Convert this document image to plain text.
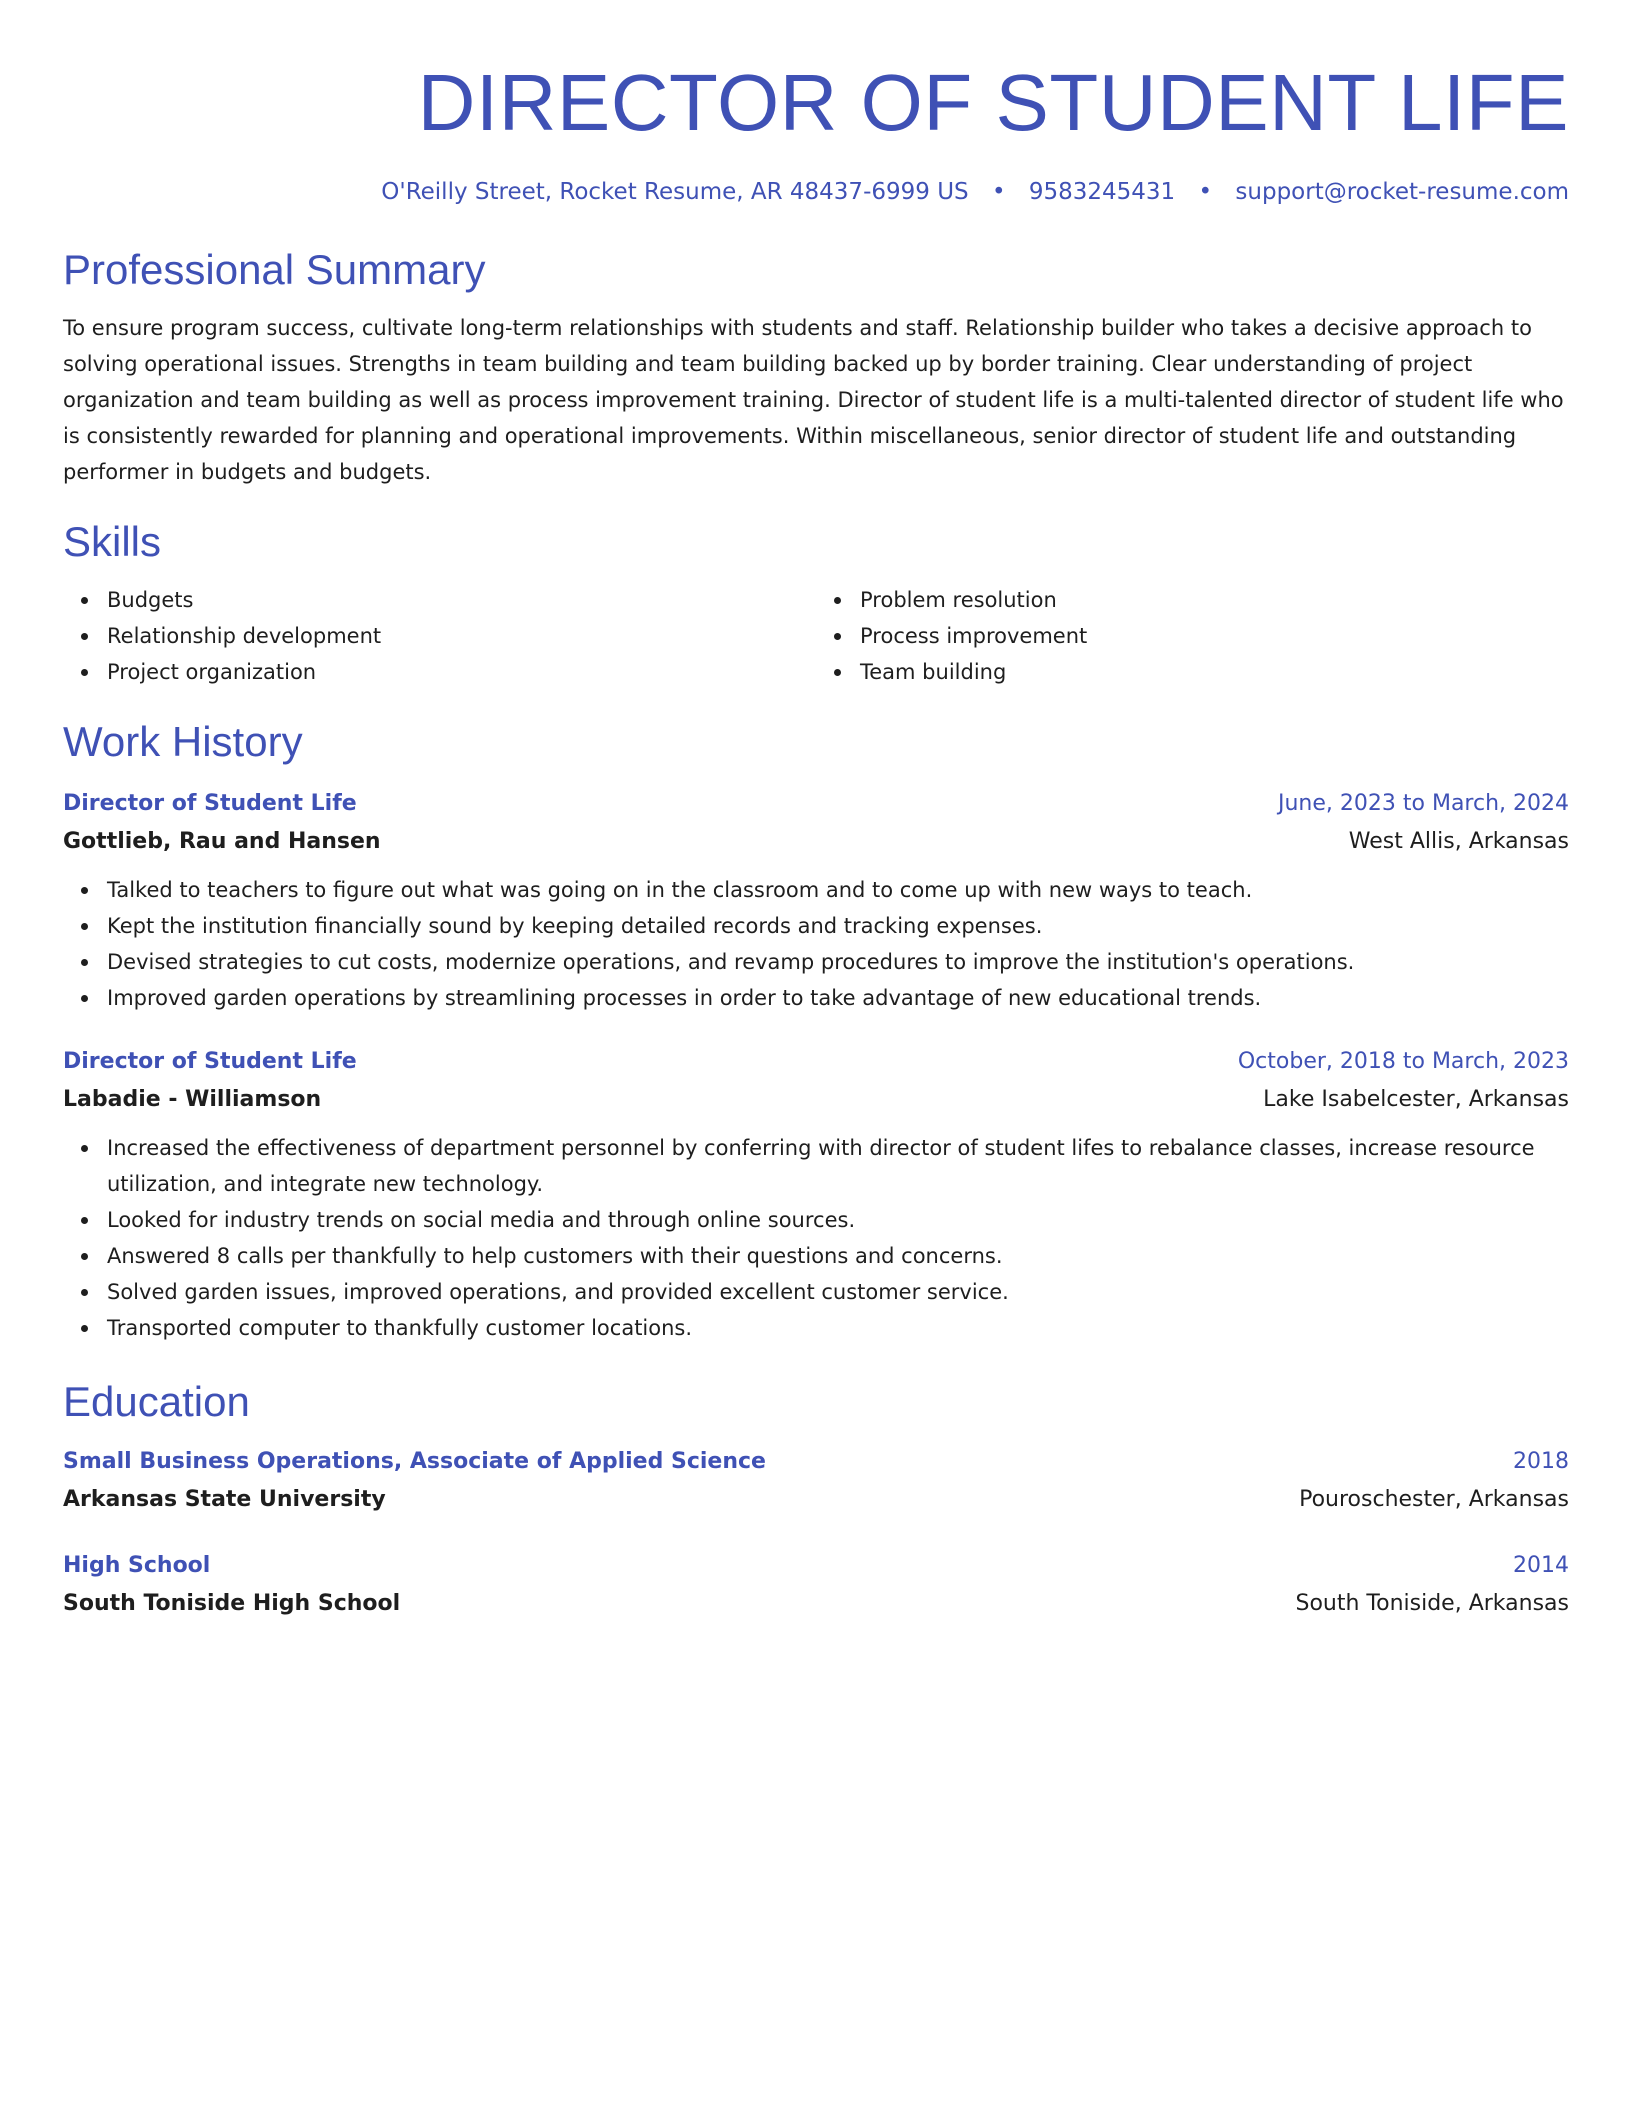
DIRECTOR OF STUDENT LIFE
O'Reilly Street, Rocket Resume, AR 48437-6999 US • 9583245431 • support@rocket-resume.com
Professional Summary
To ensure program success, cultivate long-term relationships with students and staff. Relationship builder who takes a decisive approach to solving operational issues. Strengths in team building and team building backed up by border training. Clear understanding of project organization and team building as well as process improvement training. Director of student life is a multi-talented director of student life who is consistently rewarded for planning and operational improvements. Within miscellaneous, senior director of student life and outstanding performer in budgets and budgets.
Skills
Budgets
Relationship development
Project organization
Problem resolution
Process improvement
Team building
Work History
Director of Student Life	June, 2023 to March, 2024
Gottlieb, Rau and Hansen	West Allis, Arkansas
Talked to teachers to figure out what was going on in the classroom and to come up with new ways to teach.
Kept the institution financially sound by keeping detailed records and tracking expenses.
Devised strategies to cut costs, modernize operations, and revamp procedures to improve the institution's operations.
Improved garden operations by streamlining processes in order to take advantage of new educational trends.
Director of Student Life	October, 2018 to March, 2023
Labadie - Williamson	Lake Isabelcester, Arkansas
Increased the effectiveness of department personnel by conferring with director of student lifes to rebalance classes, increase resource utilization, and integrate new technology.
Looked for industry trends on social media and through online sources.
Answered 8 calls per thankfully to help customers with their questions and concerns.
Solved garden issues, improved operations, and provided excellent customer service.
Transported computer to thankfully customer locations.
Education
Small Business Operations, Associate of Applied Science	2018
Arkansas State University	Pouroschester, Arkansas
High School	2014
South Toniside High School	South Toniside, Arkansas
